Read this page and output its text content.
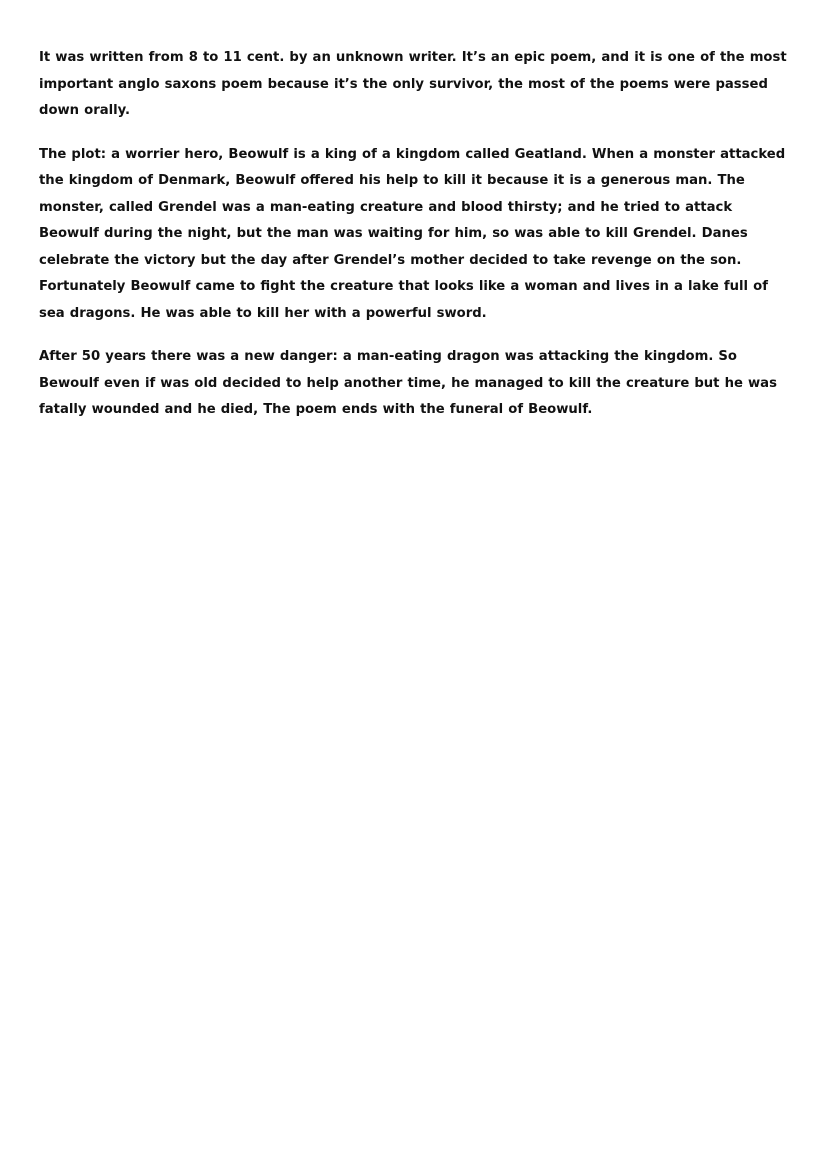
It was written from 8 to 11 cent. by an unknown writer. It’s an epic poem, and it is one of the most important anglo saxons poem because it’s the only survivor, the most of the poems were passed down orally.

The plot: a worrier hero, Beowulf is a king of a kingdom called Geatland. When a monster attacked the kingdom of Denmark, Beowulf offered his help to kill it because it is a generous man. The monster, called Grendel was a man-eating creature and blood thirsty; and he tried to attack Beowulf during the night, but the man was waiting for him, so was able to kill Grendel. Danes celebrate the victory but the day after Grendel’s mother decided to take revenge on the son. Fortunately Beowulf came to fight the creature that looks like a woman and lives in a lake full of sea dragons. He was able to kill her with a powerful sword.

After 50 years there was a new danger: a man-eating dragon was attacking the kingdom. So Bewoulf even if was old decided to help another time, he managed to kill the creature but he was fatally wounded and he died, The poem ends with the funeral of Beowulf.
